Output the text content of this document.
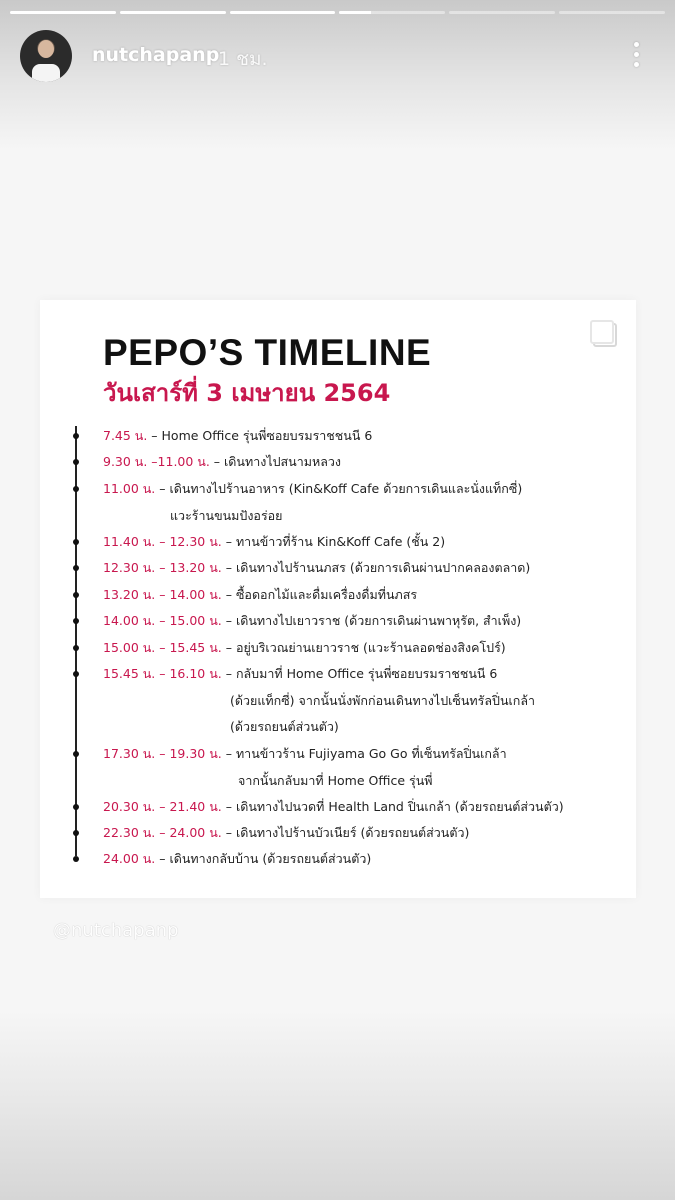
nutchapanp
1 ชม.
PEPO’S TIMELINE
วันเสาร์ที่ 3 เมษายน 2564
7.45 น. – Home Office รุ่นพี่ซอยบรมราชชนนี 6
9.30 น. –11.00 น. – เดินทางไปสนามหลวง
11.00 น. – เดินทางไปร้านอาหาร (Kin&Koff Cafe ด้วยการเดินและนั่งแท็กซี่)
แวะร้านขนมปังอร่อย
11.40 น. – 12.30 น. – ทานข้าวที่ร้าน Kin&Koff Cafe (ชั้น 2)
12.30 น. – 13.20 น. – เดินทางไปร้านนภสร (ด้วยการเดินผ่านปากคลองตลาด)
13.20 น. – 14.00 น. – ซื้อดอกไม้และดื่มเครื่องดื่มที่นภสร
14.00 น. – 15.00 น. – เดินทางไปเยาวราช (ด้วยการเดินผ่านพาหุรัต, สำเพ็ง)
15.00 น. – 15.45 น. – อยู่บริเวณย่านเยาวราช (แวะร้านลอดช่องสิงคโปร์)
15.45 น. – 16.10 น. – กลับมาที่ Home Office รุ่นพี่ซอยบรมราชชนนี 6
(ด้วยแท็กซี่) จากนั้นนั่งพักก่อนเดินทางไปเซ็นทรัลปิ่นเกล้า
(ด้วยรถยนต์ส่วนตัว)
17.30 น. – 19.30 น. – ทานข้าวร้าน Fujiyama Go Go ที่เซ็นทรัลปิ่นเกล้า
จากนั้นกลับมาที่ Home Office รุ่นพี่
20.30 น. – 21.40 น. – เดินทางไปนวดที่ Health Land ปิ่นเกล้า (ด้วยรถยนต์ส่วนตัว)
22.30 น. – 24.00 น. – เดินทางไปร้านบัวเนียร์ (ด้วยรถยนต์ส่วนตัว)
24.00 น. – เดินทางกลับบ้าน (ด้วยรถยนต์ส่วนตัว)
@nutchapanp
